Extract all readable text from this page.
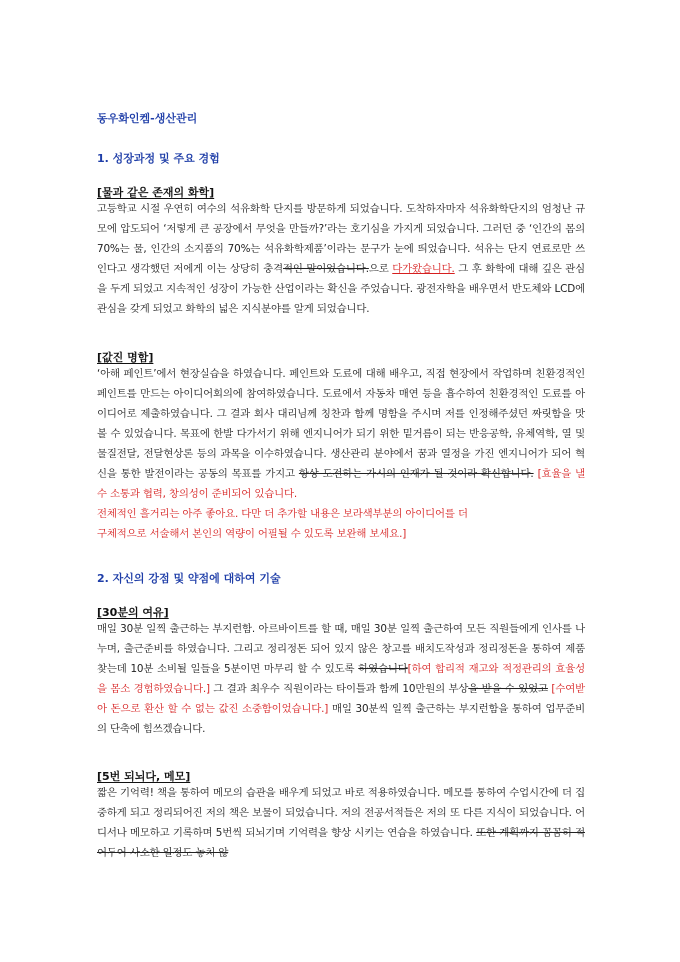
동우화인켐-생산관리
1. 성장과정 및 주요 경험
[물과 같은 존재의 화학]
고등학교 시절 우연히 여수의 석유화학 단지를 방문하게 되었습니다. 도착하자마자 석유화학단지의 엄청난 규모에 압도되어 ‘저렇게 큰 공장에서 무엇을 만들까?’라는 호기심을 가지게 되었습니다. 그러던 중 ‘인간의 몸의 70%는 물, 인간의 소지품의 70%는 석유화학제품’이라는 문구가 눈에 띄었습니다. 석유는 단지 연료로만 쓰인다고 생각했던 저에게 이는 상당히 충격적인 말이었습니다.으로 다가왔습니다. 그 후 화학에 대해 깊은 관심을 두게 되었고 지속적인 성장이 가능한 산업이라는 확신을 주었습니다. 광전자학을 배우면서 반도체와 LCD에 관심을 갖게 되었고 화학의 넓은 지식분야를 알게 되었습니다.
[값진 명함]
‘아해 페인트’에서 현장실습을 하였습니다. 페인트와 도료에 대해 배우고, 직접 현장에서 작업하며 친환경적인 페인트를 만드는 아이디어회의에 참여하였습니다. 도료에서 자동차 매연 등을 흡수하여 친환경적인 도료를 아이디어로 제출하였습니다. 그 결과 회사 대리님께 칭찬과 함께 명함을 주시며 저를 인정해주셨던 짜릿함을 맛 볼 수 있었습니다. 목표에 한발 다가서기 위해 엔지니어가 되기 위한 밑거름이 되는 반응공학, 유체역학, 열 및 물질전달, 전달현상론 등의 과목을 이수하였습니다. 생산관리 분야에서 꿈과 열정을 가진 엔지니어가 되어 혁신을 통한 발전이라는 공동의 목표를 가지고 항상 도전하는 가시의 인재가 될 것이라 확신합니다. [효율을 낼 수 소통과 협력, 창의성이 준비되어 있습니다.
전체적인 흘거리는 아주 좋아요. 다만 더 추가할 내용은 보라색부분의 아이디어를 더
구체적으로 서술해서 본인의 역량이 어필될 수 있도록 보완해 보세요.]
2. 자신의 강점 및 약점에 대하여 기술
[30분의 여유]
매일 30분 일찍 출근하는 부지런함. 아르바이트를 할 때, 매일 30분 일찍 출근하여 모든 직원들에게 인사를 나누며, 출근준비를 하였습니다. 그리고 정리정돈 되어 있지 않은 창고를 배치도작성과 정리정돈을 통하여 제품 찾는데 10분 소비될 일들을 5분이면 마무리 할 수 있도록 하였습니다[하여 합리적 재고와 적정관리의 효율성을 몸소 경험하였습니다.] 그 결과 최우수 직원이라는 타이틀과 함께 10만원의 부상을 받을 수 있었고 [수여받아 돈으로 환산 할 수 없는 값진 소중함이었습니다.] 매일 30분씩 일찍 출근하는 부지런함을 통하여 업무준비의 단축에 힘쓰겠습니다.
[5번 되뇌다, 메모]
짧은 기억력! 책을 통하여 메모의 습관을 배우게 되었고 바로 적용하였습니다. 메모를 통하여 수업시간에 더 집중하게 되고 정리되어진 저의 책은 보물이 되었습니다. 저의 전공서적들은 저의 또 다른 지식이 되었습니다. 어디서나 메모하고 기록하며 5번씩 되뇌기며 기억력을 향상 시키는 연습을 하였습니다. 또한 계획까지 꼼꼼히 적어두어 사소한 일정도 놓치 않
